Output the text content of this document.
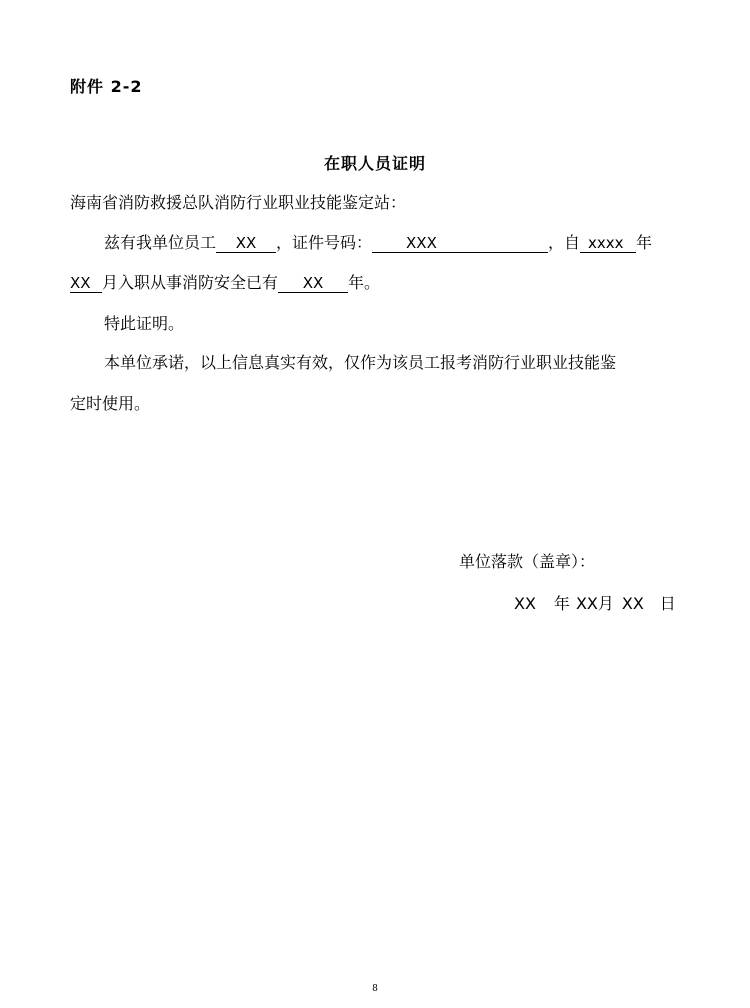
附件 2-2
在职人员证明
海南省消防救援总队消防行业职业技能鉴定站：
兹有我单位员工 XX ，证件号码： XXX	，自 xxxx 年
XX 月入职从事消防安全已有 XX 年。
特此证明。
本单位承诺，以上信息真实有效，仅作为该员工报考消防行业职业技能鉴
定时使用。
单位落款（盖章）：
XX 年 XX月 XX 日
8
